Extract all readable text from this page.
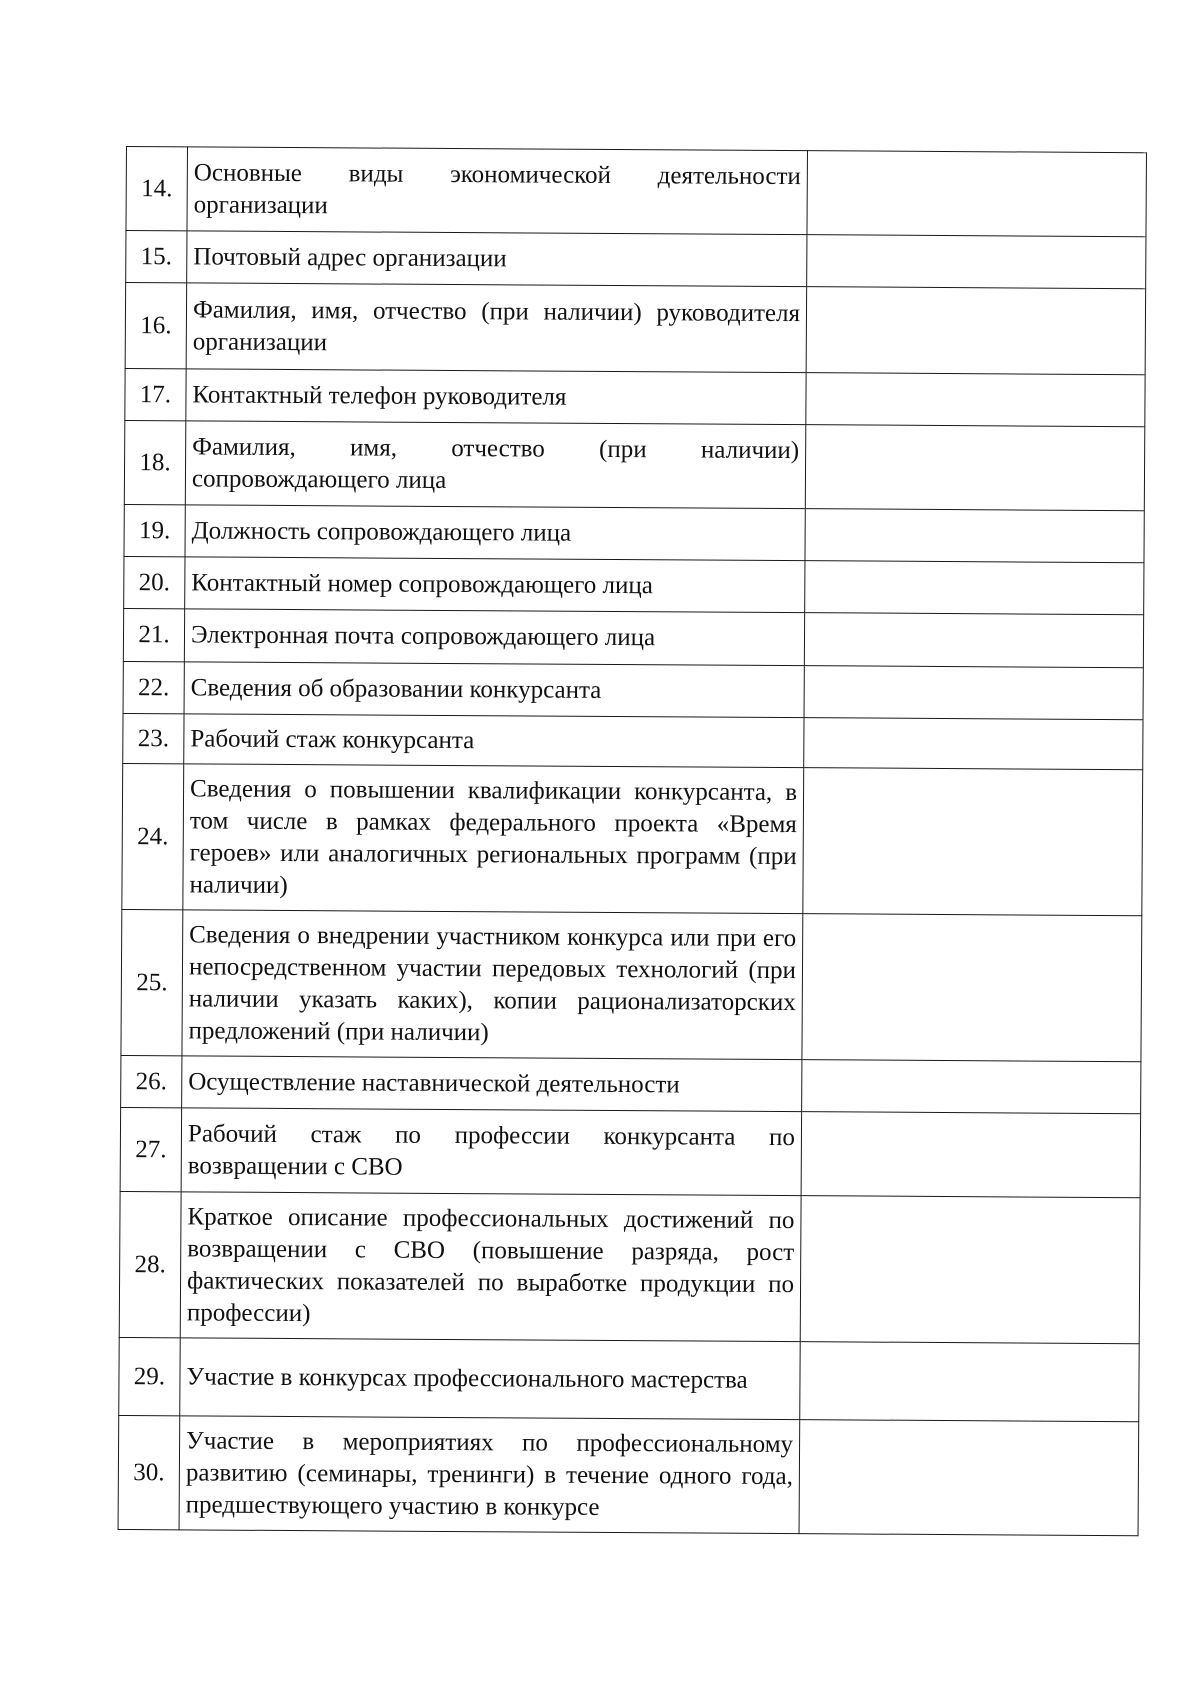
14.	Основные виды экономической деятельности организации	
15.	Почтовый адрес организации	
16.	Фамилия, имя, отчество (при наличии) руководителя организации	
17.	Контактный телефон руководителя	
18.	Фамилия, имя, отчество (при наличии) сопровождающего лица	
19.	Должность сопровождающего лица	
20.	Контактный номер сопровождающего лица	
21.	Электронная почта сопровождающего лица	
22.	Сведения об образовании конкурсанта	
23.	Рабочий стаж конкурсанта	
24.	Сведения о повышении квалификации конкурсанта, в том числе в рамках федерального проекта «Время героев» или аналогичных региональных программ (при наличии)	
25.	Сведения о внедрении участником конкурса или при его непосредственном участии передовых технологий (при наличии указать каких), копии рационализаторских предложений (при наличии)	
26.	Осуществление наставнической деятельности	
27.	Рабочий стаж по профессии конкурсанта по возвращении с СВО	
28.	Краткое описание профессиональных достижений по возвращении с СВО (повышение разряда, рост фактических показателей по выработке продукции по профессии)	
29.	Участие в конкурсах профессионального мастерства	
30.	Участие в мероприятиях по профессиональному развитию (семинары, тренинги) в течение одного года, предшествующего участию в конкурсе	
